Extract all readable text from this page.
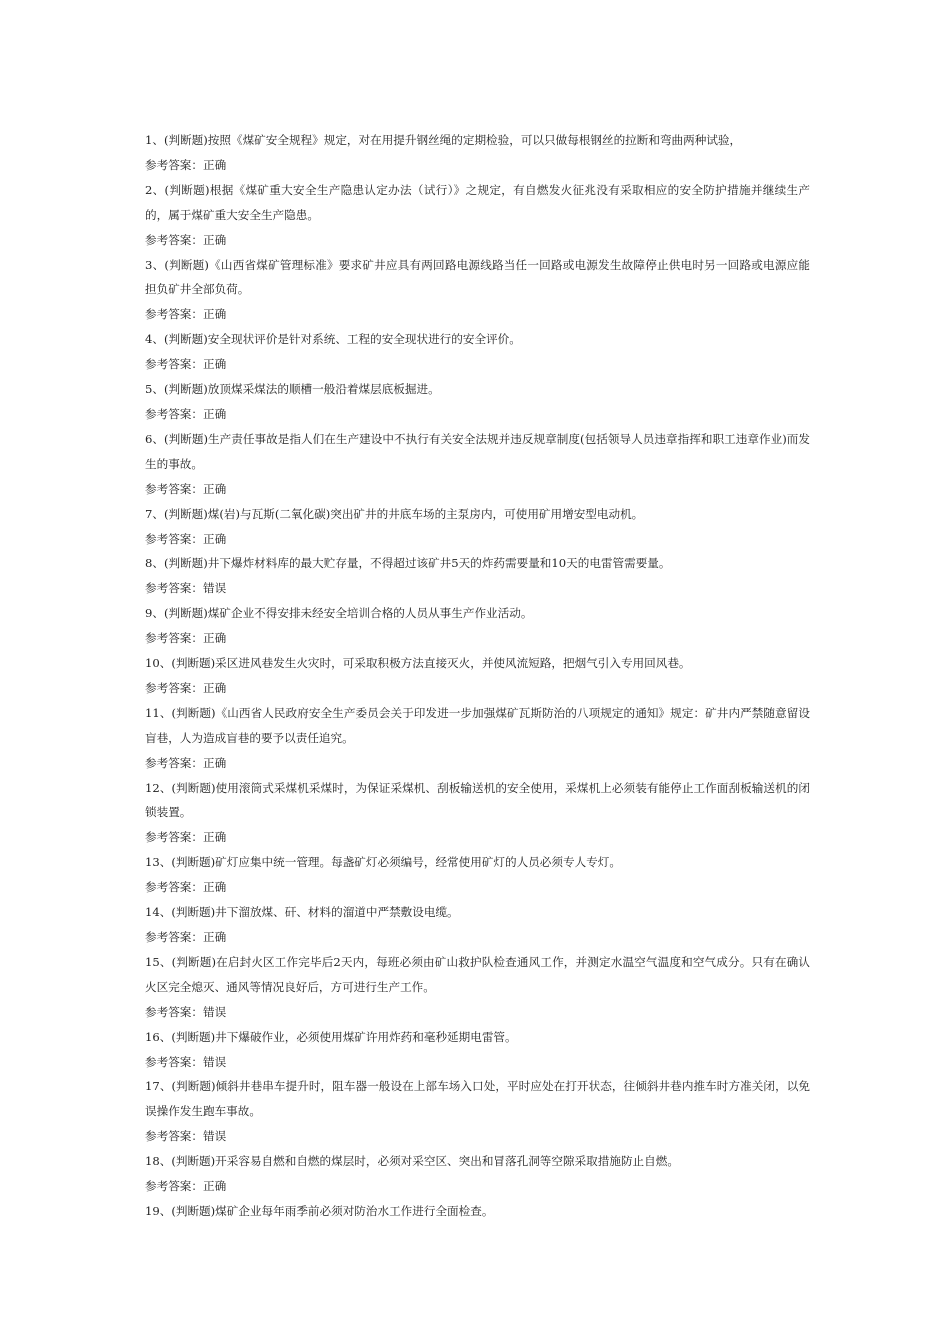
1、(判断题)按照《煤矿安全规程》规定，对在用提升钢丝绳的定期检验，可以只做每根钢丝的拉断和弯曲两种试验，

参考答案：正确

2、(判断题)根据《煤矿重大安全生产隐患认定办法（试行）》之规定，有自燃发火征兆没有采取相应的安全防护措施并继续生产的，属于煤矿重大安全生产隐患。

参考答案：正确

3、(判断题)《山西省煤矿管理标准》要求矿井应具有两回路电源线路当任一回路或电源发生故障停止供电时另一回路或电源应能担负矿井全部负荷。

参考答案：正确

4、(判断题)安全现状评价是针对系统、工程的安全现状进行的安全评价。

参考答案：正确

5、(判断题)放顶煤采煤法的顺槽一般沿着煤层底板掘进。

参考答案：正确

6、(判断题)生产责任事故是指人们在生产建设中不执行有关安全法规并违反规章制度(包括领导人员违章指挥和职工违章作业)而发生的事故。

参考答案：正确

7、(判断题)煤(岩)与瓦斯(二氧化碳)突出矿井的井底车场的主泵房内，可使用矿用增安型电动机。

参考答案：正确

8、(判断题)井下爆炸材料库的最大贮存量，不得超过该矿井5天的炸药需要量和10天的电雷管需要量。

参考答案：错误

9、(判断题)煤矿企业不得安排未经安全培训合格的人员从事生产作业活动。

参考答案：正确

10、(判断题)采区进风巷发生火灾时，可采取积极方法直接灭火，并使风流短路，把烟气引入专用回风巷。

参考答案：正确

11、(判断题)《山西省人民政府安全生产委员会关于印发进一步加强煤矿瓦斯防治的八项规定的通知》规定：矿井内严禁随意留设盲巷，人为造成盲巷的要予以责任追究。

参考答案：正确

12、(判断题)使用滚筒式采煤机采煤时，为保证采煤机、刮板输送机的安全使用，采煤机上必须装有能停止工作面刮板输送机的闭锁装置。

参考答案：正确

13、(判断题)矿灯应集中统一管理。每盏矿灯必须编号，经常使用矿灯的人员必须专人专灯。

参考答案：正确

14、(判断题)井下溜放煤、矸、材料的溜道中严禁敷设电缆。

参考答案：正确

15、(判断题)在启封火区工作完毕后2天内，每班必须由矿山救护队检查通风工作，并测定水温空气温度和空气成分。只有在确认火区完全熄灭、通风等情况良好后，方可进行生产工作。

参考答案：错误

16、(判断题)井下爆破作业，必须使用煤矿许用炸药和毫秒延期电雷管。

参考答案：错误

17、(判断题)倾斜井巷串车提升时，阻车器一般设在上部车场入口处，平时应处在打开状态，往倾斜井巷内推车时方准关闭，以免误操作发生跑车事故。

参考答案：错误

18、(判断题)开采容易自燃和自燃的煤层时，必须对采空区、突出和冒落孔洞等空隙采取措施防止自燃。

参考答案：正确

19、(判断题)煤矿企业每年雨季前必须对防治水工作进行全面检查。
